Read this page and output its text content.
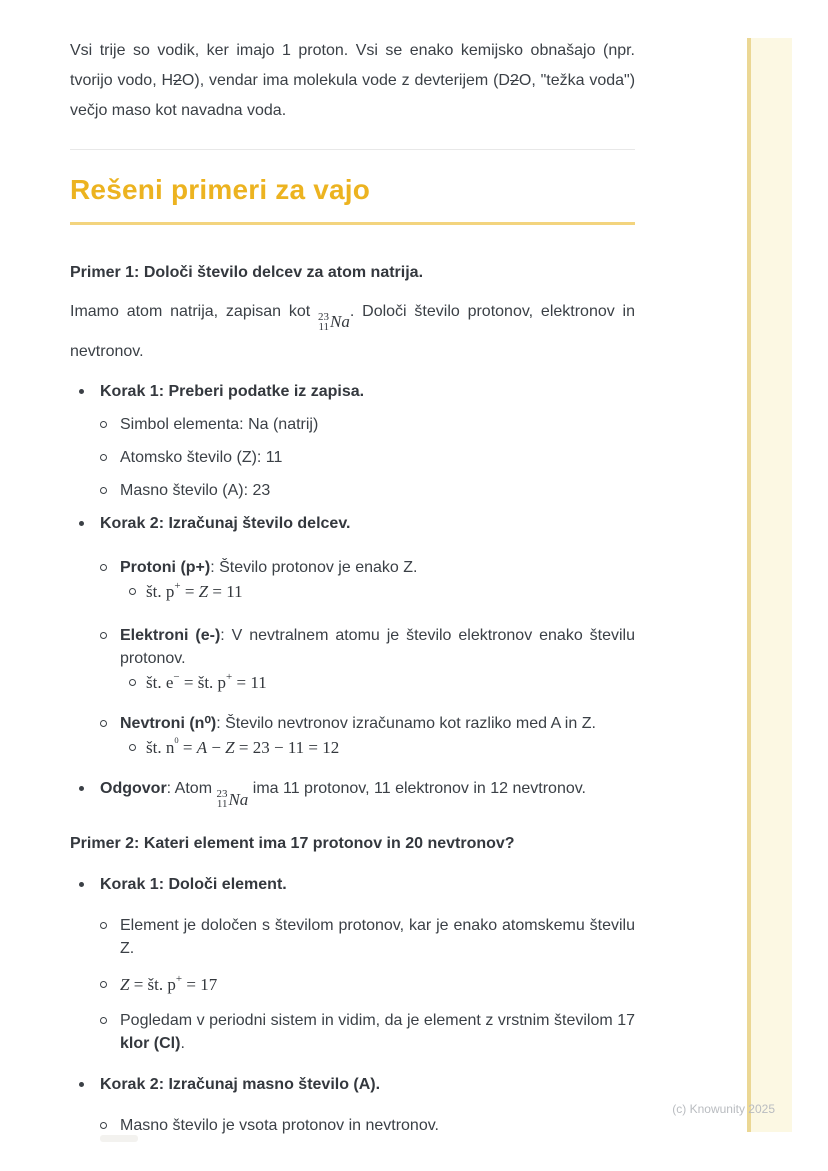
Vsi trije so vodik, ker imajo 1 proton. Vsi se enako kemijsko obnašajo (npr. tvorijo vodo, H2O), vendar ima molekula vode z devterijem (D2O, "težka voda") večjo maso kot navadna voda.

Rešeni primeri za vajo

Primer 1: Določi število delcev za atom natrija.

Imamo atom natrija, zapisan kot 23
11 Na
. Določi število protonov, elektronov in nevtronov.

Korak 1: Preberi podatke iz zapisa.
Simbol elementa: Na (natrij)
Atomsko število (Z): 11
Masno število (A): 23
Korak 2: Izračunaj število delcev.
Protoni (p+): Število protonov je enako Z.
št. p+ = Z = 11
Elektroni (e-): V nevtralnem atomu je število elektronov enako številu protonov.
št. e− = št. p+ = 11
Nevtroni (n⁰): Število nevtronov izračunamo kot razliko med A in Z.
št. $n^0 = A - Z = 23 - 11 = 12$
Odgovor: Atom 23
11 Na
ima 11 protonov, 11 elektronov in 12 nevtronov.

Primer 2: Kateri element ima 17 protonov in 20 nevtronov?

Korak 1: Določi element.
Element je določen s številom protonov, kar je enako atomskemu številu Z.
Z = št. p+ = 17
Pogledam v periodni sistem in vidim, da je element z vrstnim številom 17 klor (Cl).
Korak 2: Izračunaj masno število (A).
Masno število je vsota protonov in nevtronov.
(c) Knowunity 2025
